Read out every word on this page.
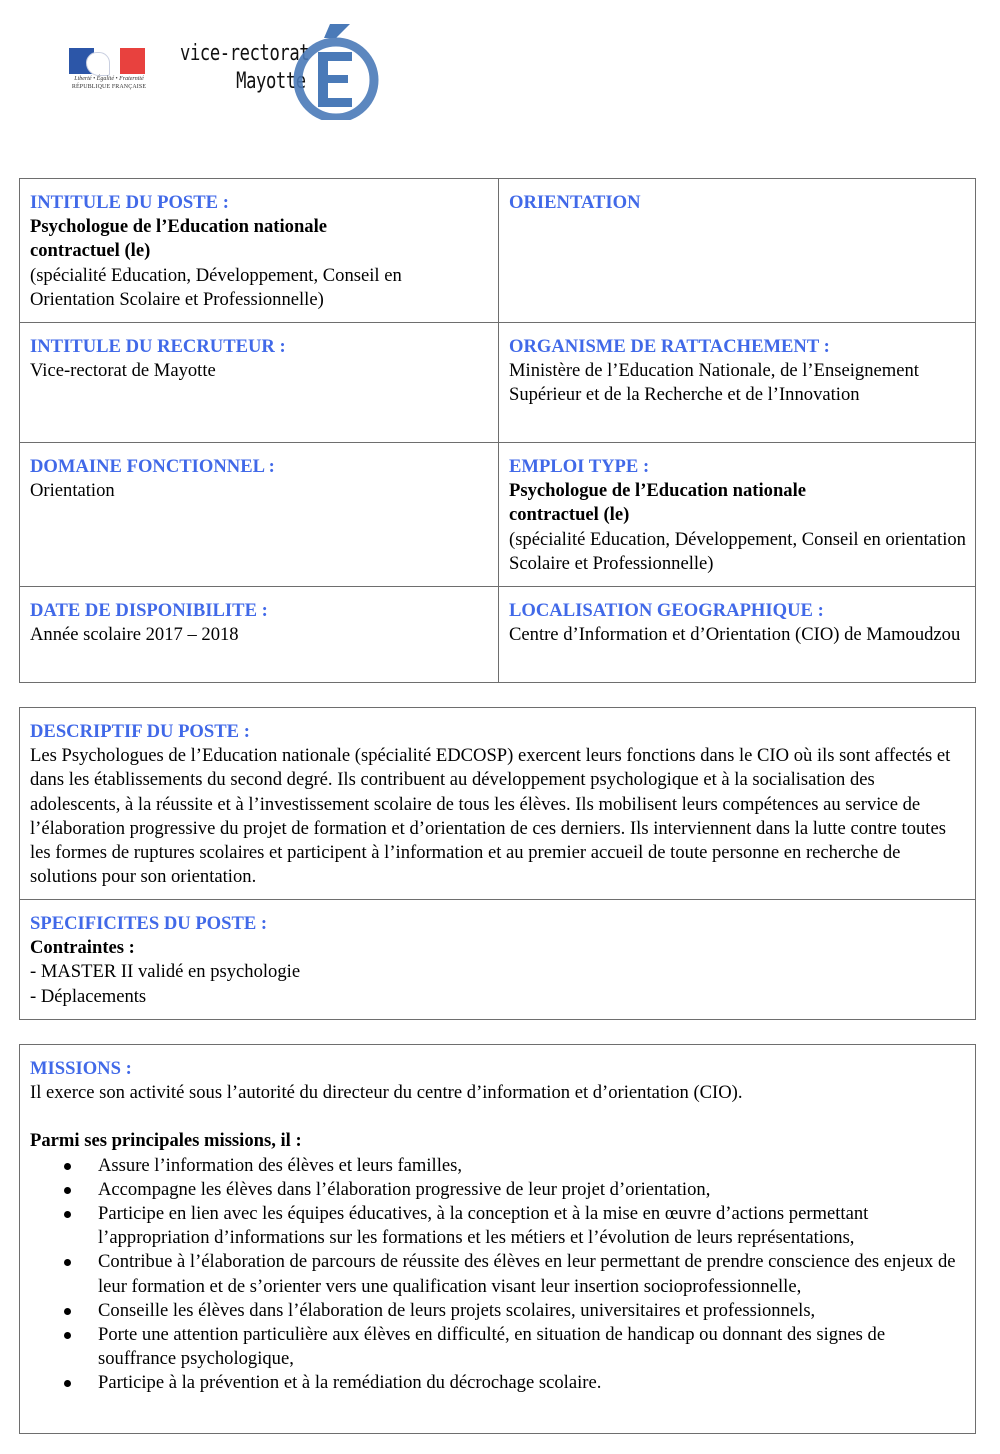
Liberté • Égalité • Fraternité
RÉPUBLIQUE FRANÇAISE
vice-rectorat
Mayotte
INTITULE DU POSTE :
Psychologue de l’Education nationale
contractuel (le)
(spécialité Education, Développement, Conseil en Orientation Scolaire et Professionnelle)
ORIENTATION
INTITULE DU RECRUTEUR :
Vice-rectorat de Mayotte
ORGANISME DE RATTACHEMENT :
Ministère de l’Education Nationale, de l’Enseignement Supérieur et de la Recherche et de l’Innovation
DOMAINE FONCTIONNEL :
Orientation
EMPLOI TYPE :
Psychologue de l’Education nationale
contractuel (le)
(spécialité Education, Développement, Conseil en orientation Scolaire et Professionnelle)
DATE DE DISPONIBILITE :
Année scolaire 2017 – 2018
LOCALISATION GEOGRAPHIQUE :
Centre d’Information et d’Orientation (CIO) de Mamoudzou
DESCRIPTIF DU POSTE :
Les Psychologues de l’Education nationale (spécialité EDCOSP) exercent leurs fonctions dans le CIO où ils sont affectés et dans les établissements du second degré. Ils contribuent au développement psychologique et à la socialisation des adolescents, à la réussite et à l’investissement scolaire de tous les élèves. Ils mobilisent leurs compétences au service de l’élaboration progressive du projet de formation et d’orientation de ces derniers. Ils interviennent dans la lutte contre toutes les formes de ruptures scolaires et participent à l’information et au premier accueil de toute personne en recherche de solutions pour son orientation.
SPECIFICITES DU POSTE :
Contraintes :
- MASTER II validé en psychologie
- Déplacements
MISSIONS :
Il exerce son activité sous l’autorité du directeur du centre d’information et d’orientation (CIO).
Parmi ses principales missions, il :
Assure l’information des élèves et leurs familles,
Accompagne les élèves dans l’élaboration progressive de leur projet d’orientation,
Participe en lien avec les équipes éducatives, à la conception et à la mise en œuvre d’actions permettant l’appropriation d’informations sur les formations et les métiers et l’évolution de leurs représentations,
Contribue à l’élaboration de parcours de réussite des élèves en leur permettant de prendre conscience des enjeux de leur formation et de s’orienter vers une qualification visant leur insertion socioprofessionnelle,
Conseille les élèves dans l’élaboration de leurs projets scolaires, universitaires et professionnels,
Porte une attention particulière aux élèves en difficulté, en situation de handicap ou donnant des signes de souffrance psychologique,
Participe à la prévention et à la remédiation du décrochage scolaire.
